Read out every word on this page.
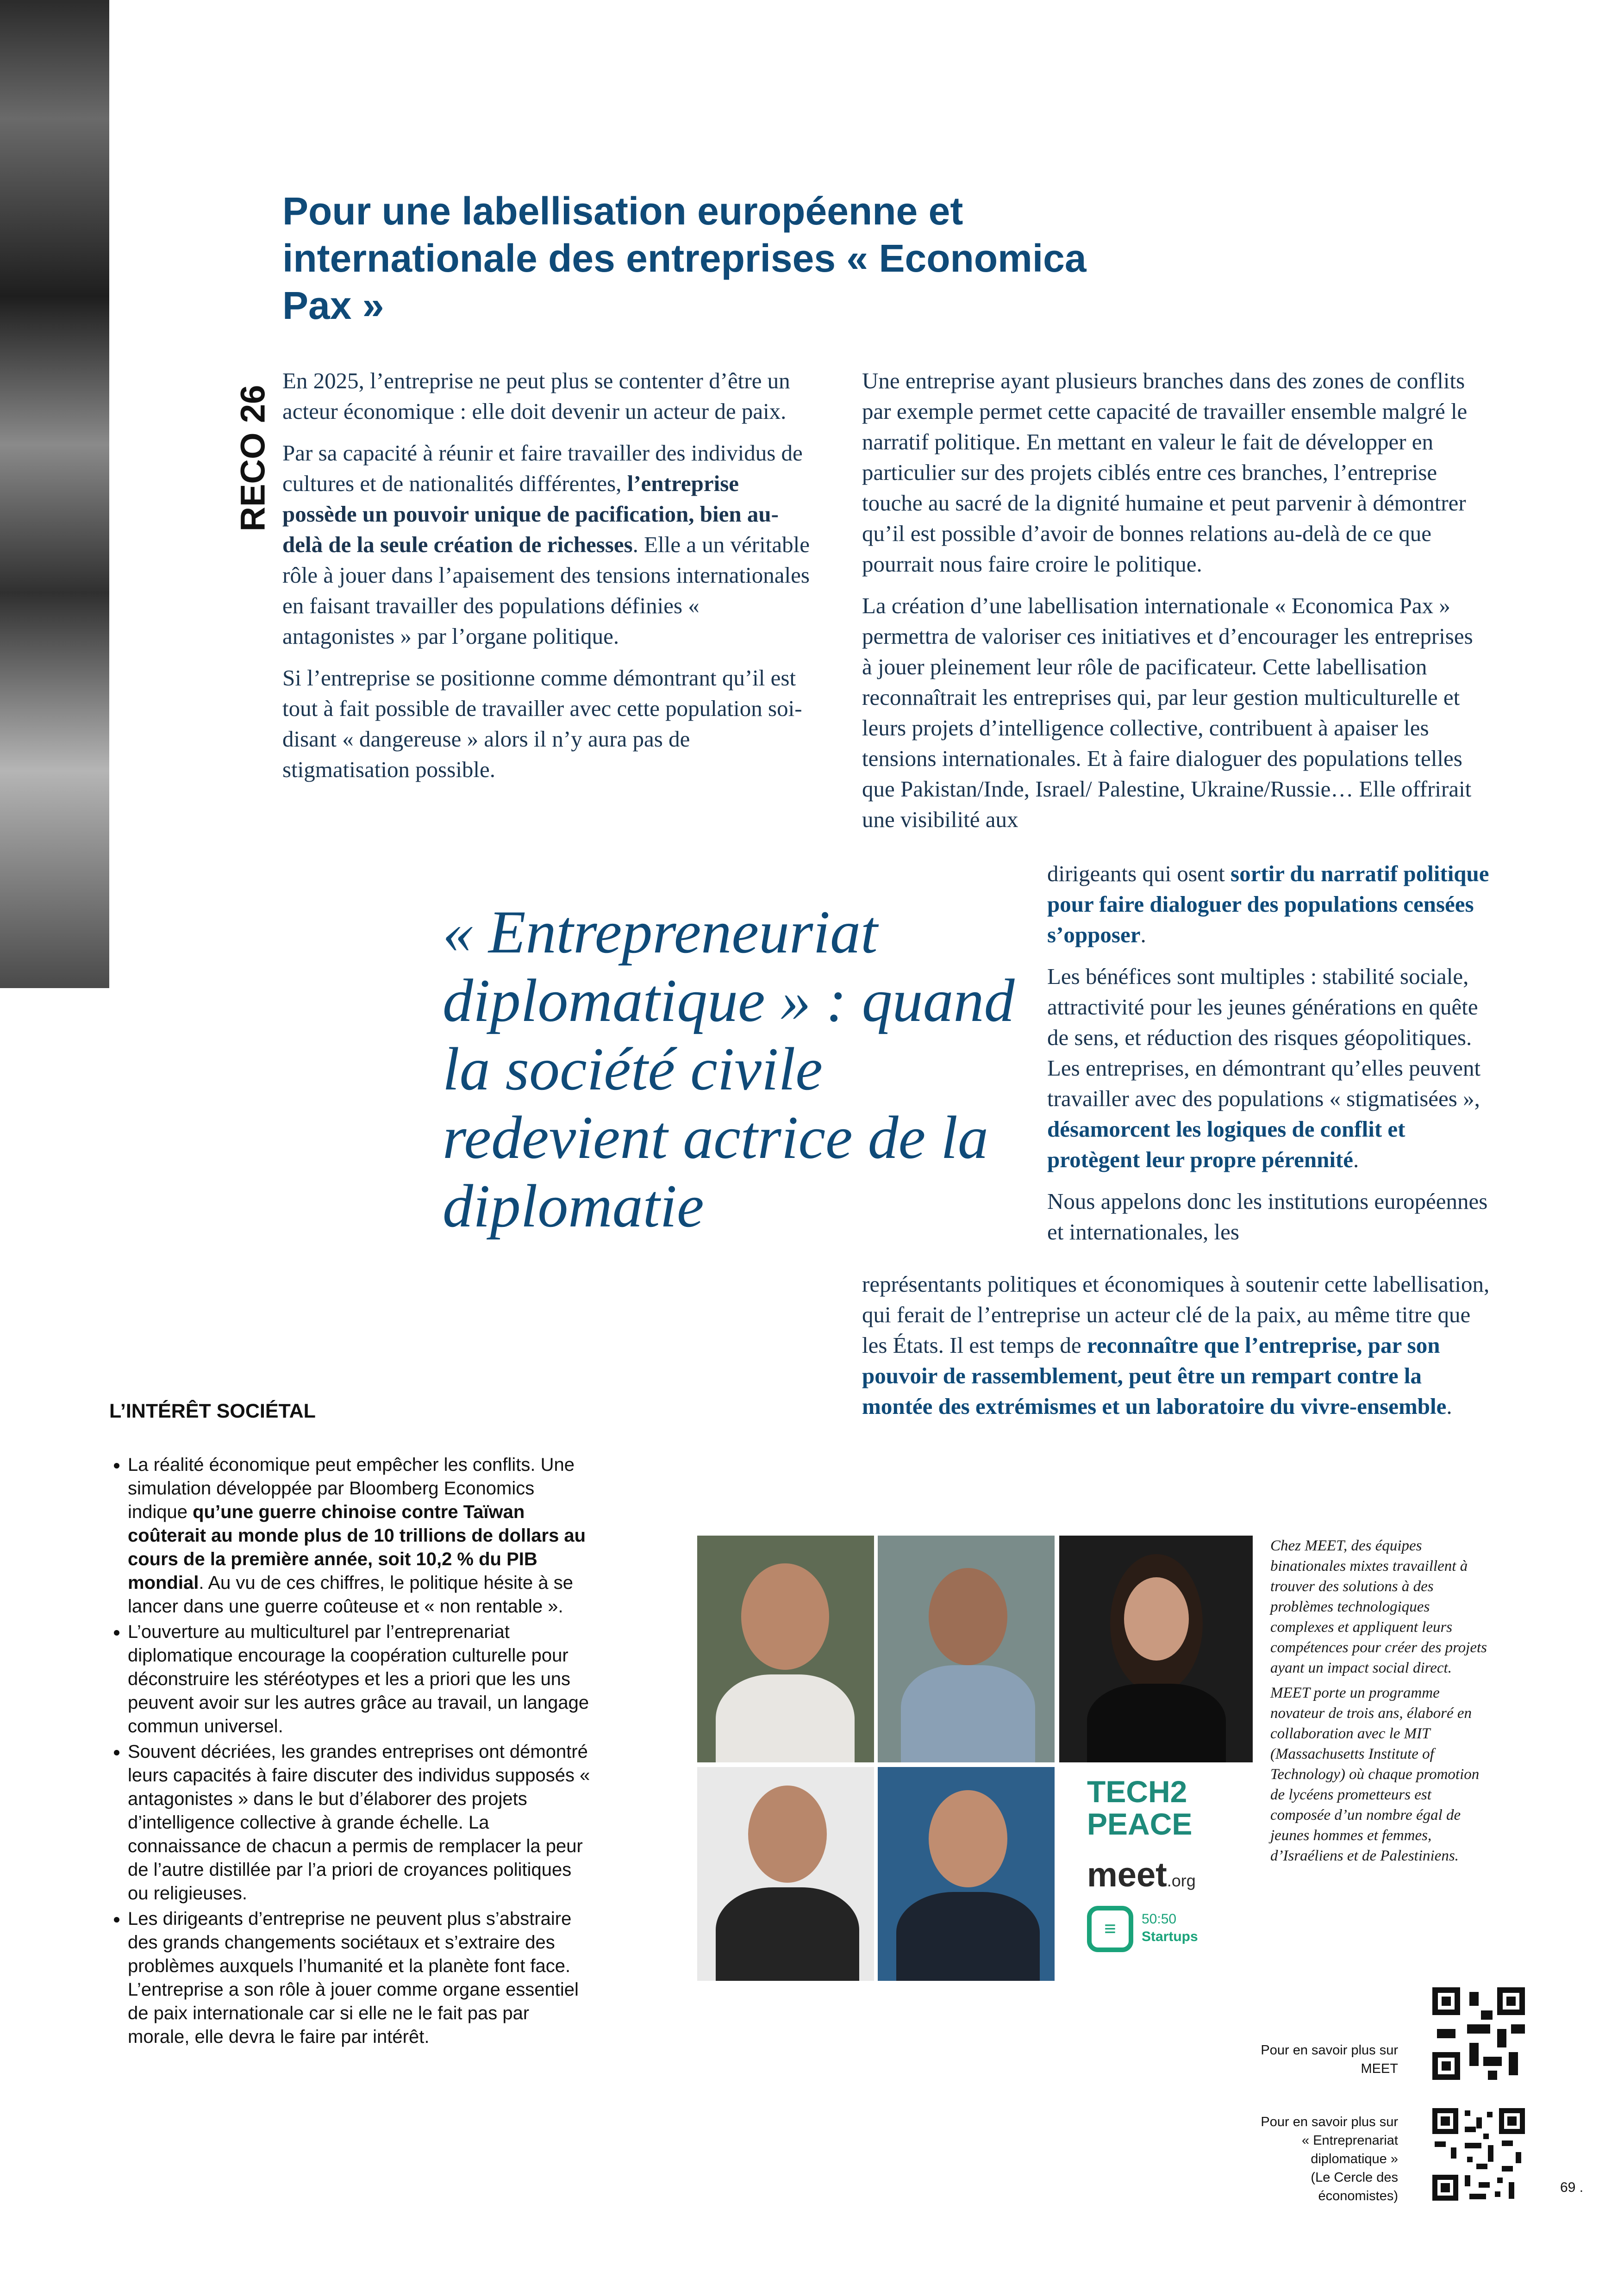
Pour une labellisation européenne et internationale des entreprises « Economica Pax »
RECO 26

En 2025, l’entreprise ne peut plus se contenter d’être un acteur économique : elle doit devenir un acteur de paix.

Par sa capacité à réunir et faire travailler des individus de cultures et de nationalités différentes, l’entreprise possède un pouvoir unique de pacification, bien au-delà de la seule création de richesses. Elle a un véritable rôle à jouer dans l’apaisement des tensions internationales en faisant travailler des populations définies « antagonistes » par l’organe politique.

Si l’entreprise se positionne comme démontrant qu’il est tout à fait possible de travailler avec cette population soi-disant « dangereuse » alors il n’y aura pas de stigmatisation possible.

Une entreprise ayant plusieurs branches dans des zones de conflits par exemple permet cette capacité de travailler ensemble malgré le narratif politique. En mettant en valeur le fait de développer en particulier sur des projets ciblés entre ces branches, l’entreprise touche au sacré de la dignité humaine et peut parvenir à démontrer qu’il est possible d’avoir de bonnes relations au-delà de ce que pourrait nous faire croire le politique.

La création d’une labellisation internationale « Economica Pax » permettra de valoriser ces initiatives et d’encourager les entreprises à jouer pleinement leur rôle de pacificateur. Cette labellisation reconnaîtrait les entreprises qui, par leur gestion multiculturelle et leurs projets d’intelligence collective, contribuent à apaiser les tensions internationales. Et à faire dialoguer des populations telles que Pakistan/Inde, Israel/ Palestine, Ukraine/Russie… Elle offrirait une visibilité aux

dirigeants qui osent sortir du narratif politique pour faire dialoguer des populations censées s’opposer.

Les bénéfices sont multiples : stabilité sociale, attractivité pour les jeunes générations en quête de sens, et réduction des risques géopolitiques. Les entreprises, en démontrant qu’elles peuvent travailler avec des populations « stigmatisées », désamorcent les logiques de conflit et protègent leur propre pérennité.

Nous appelons donc les institutions européennes et internationales, les

représentants politiques et économiques à soutenir cette labellisation, qui ferait de l’entreprise un acteur clé de la paix, au même titre que les États. Il est temps de reconnaître que l’entreprise, par son pouvoir de rassemblement, peut être un rempart contre la montée des extrémismes et un laboratoire du vivre-ensemble.

« Entrepreneuriat diplomatique » : quand la société civile redevient actrice de la diplomatie
L’INTÉRÊT SOCIÉTAL
• La réalité économique peut empêcher les conflits. Une simulation développée par Bloomberg Economics indique qu’une guerre chinoise contre Taïwan coûterait au monde plus de 10 trillions de dollars au cours de la première année, soit 10,2 % du PIB mondial. Au vu de ces chiffres, le politique hésite à se lancer dans une guerre coûteuse et « non rentable ».
• L’ouverture au multiculturel par l’entreprenariat diplomatique encourage la coopération culturelle pour déconstruire les stéréotypes et les a priori que les uns peuvent avoir sur les autres grâce au travail, un langage commun universel.
• Souvent décriées, les grandes entreprises ont démontré leurs capacités à faire discuter des individus supposés « antagonistes » dans le but d’élaborer des projets d’intelligence collective à grande échelle. La connaissance de chacun a permis de remplacer la peur de l’autre distillée par l’a priori de croyances politiques ou religieuses.
• Les dirigeants d’entreprise ne peuvent plus s’abstraire des grands changements sociétaux et s’extraire des problèmes auxquels l’humanité et la planète font face. L’entreprise a son rôle à jouer comme organe essentiel de paix internationale car si elle ne le fait pas par morale, elle devra le faire par intérêt.
TECH2
PEACE
meet.org
≡	50:50
Startups

Chez MEET, des équipes binationales mixtes travaillent à trouver des solutions à des problèmes technologiques complexes et appliquent leurs compétences pour créer des projets ayant un impact social direct.

MEET porte un programme novateur de trois ans, élaboré en collaboration avec le MIT (Massachusetts Institute of Technology) où chaque promotion de lycéens prometteurs est composée d’un nombre égal de jeunes hommes et femmes, d’Israéliens et de Palestiniens.

Pour en savoir plus sur
MEET
Pour en savoir plus sur
« Entreprenariat
diplomatique »
(Le Cercle des
économistes)
69 .
